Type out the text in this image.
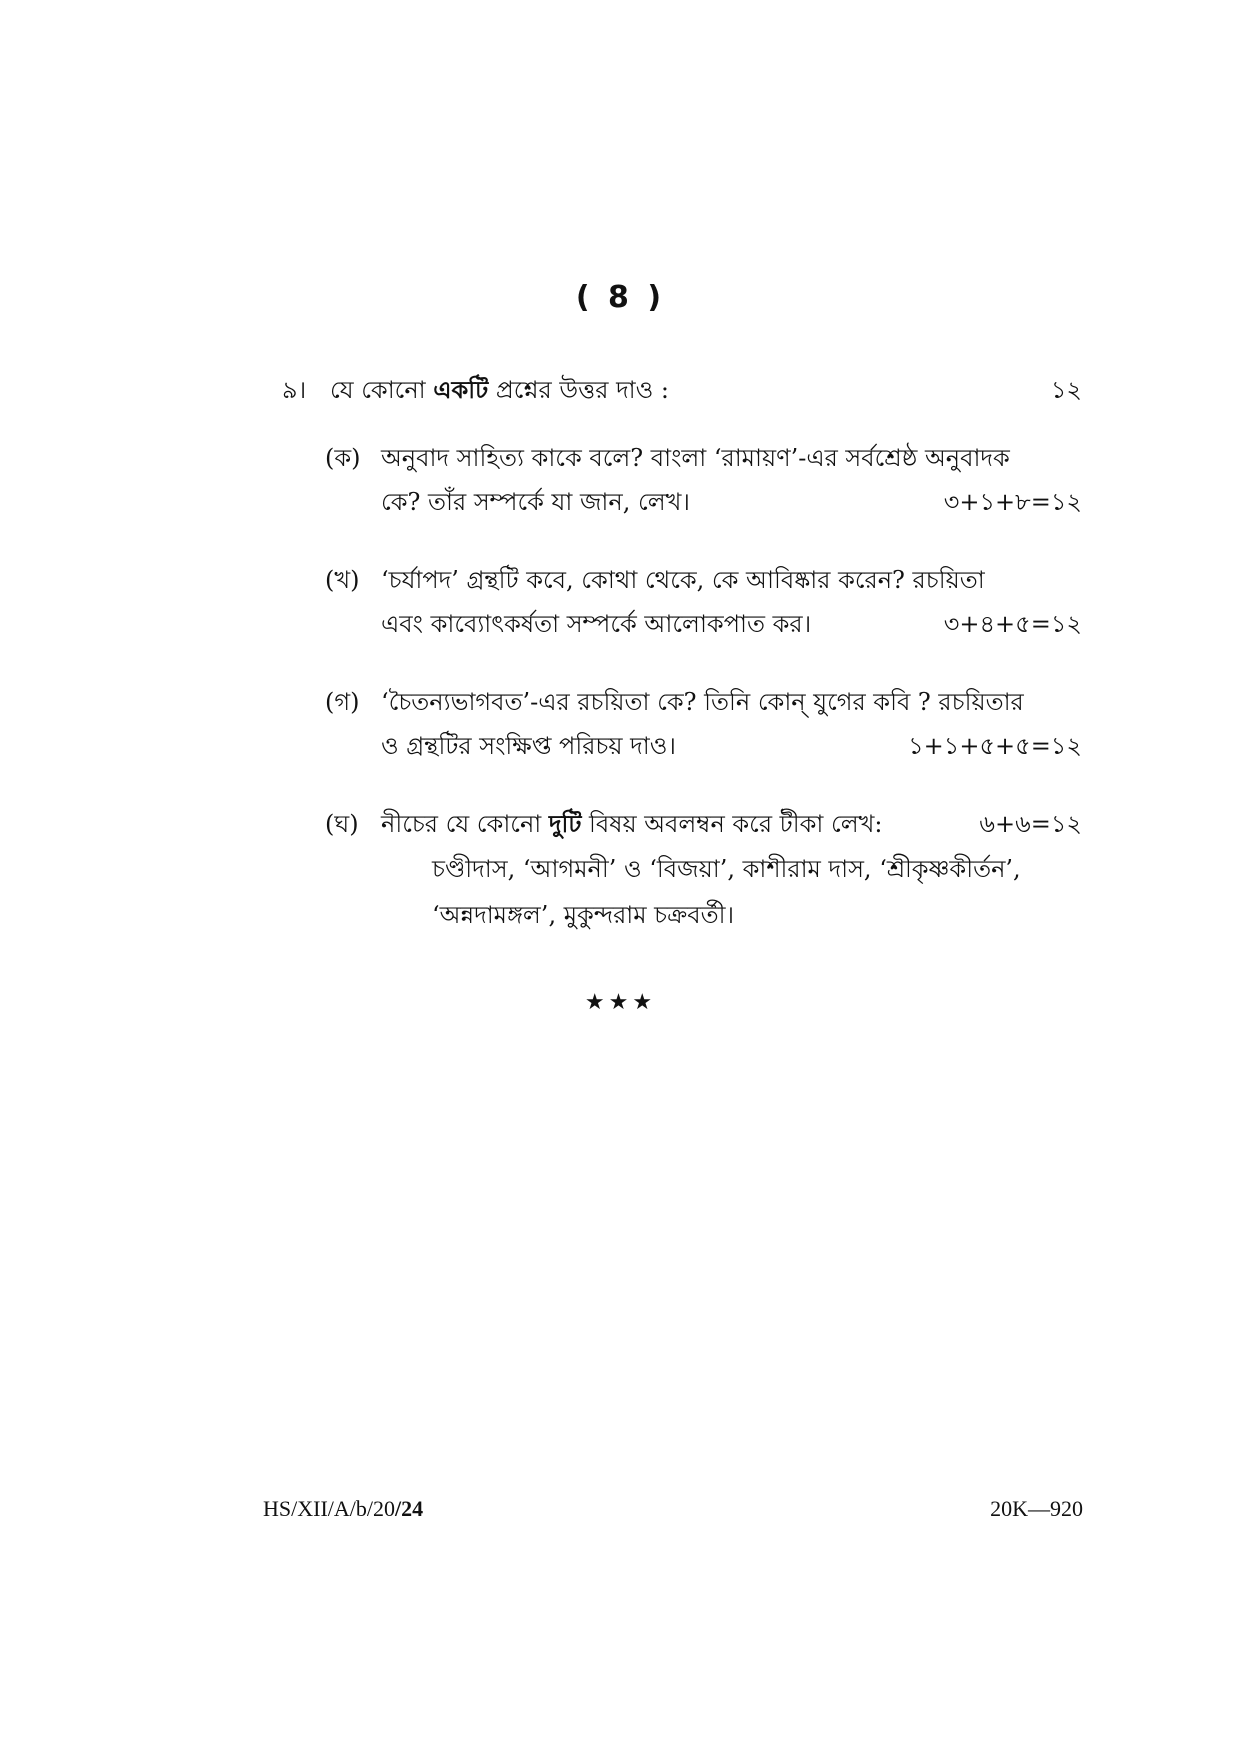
( 8 )
৯। যে কোনো একটি প্রশ্নের উত্তর দাও :	১২
(ক) অনুবাদ সাহিত্য কাকে বলে? বাংলা ‘রামায়ণ’-এর সর্বশ্রেষ্ঠ অনুবাদক
কে? তাঁর সম্পর্কে যা জান, লেখ।	৩+১+৮=১২
(খ) ‘চর্যাপদ’ গ্রন্থটি কবে, কোথা থেকে, কে আবিষ্কার করেন? রচয়িতা
এবং কাব্যোৎকর্ষতা সম্পর্কে আলোকপাত কর।	৩+৪+৫=১২
(গ) ‘চৈতন্যভাগবত’-এর রচয়িতা কে? তিনি কোন্ যুগের কবি ? রচয়িতার
ও গ্রন্থটির সংক্ষিপ্ত পরিচয় দাও।	১+১+৫+৫=১২
(ঘ) নীচের যে কোনো দুটি বিষয় অবলম্বন করে টীকা লেখ:	৬+৬=১২
চণ্ডীদাস, ‘আগমনী’ ও ‘বিজয়া’, কাশীরাম দাস, ‘শ্রীকৃষ্ণকীর্তন’,
‘অন্নদামঙ্গল’, মুকুন্দরাম চক্রবর্তী।
★★★
HS/XII/A/b/20/24	20K—920
